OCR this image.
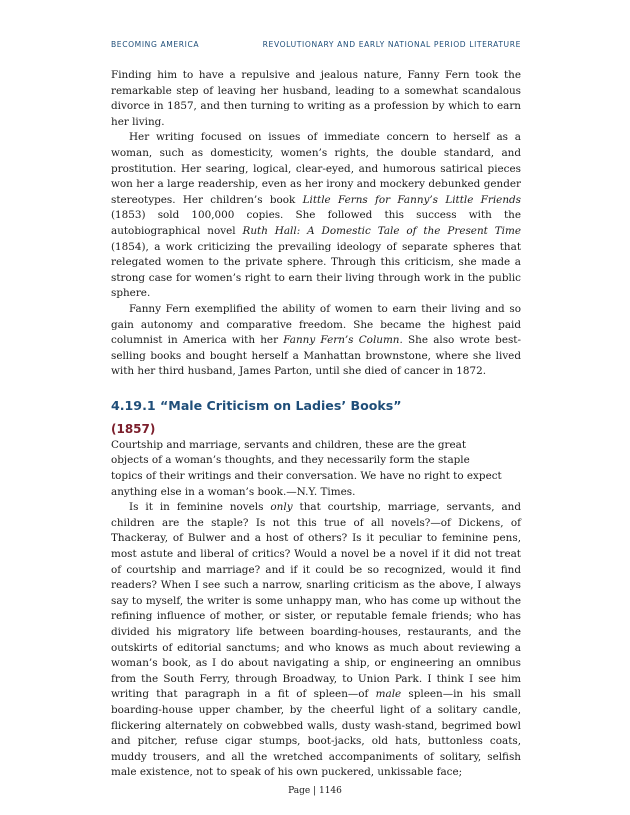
BECOMING AMERICA	REVOLUTIONARY AND EARLY NATIONAL PERIOD LITERATURE

Finding him to have a repulsive and jealous nature, Fanny Fern took the remarkable step of leaving her husband, leading to a somewhat scandalous divorce in 1857, and then turning to writing as a profession by which to earn her living.

Her writing focused on issues of immediate concern to herself as a woman, such as domesticity, women’s rights, the double standard, and prostitution. Her searing, logical, clear-eyed, and humorous satirical pieces won her a large readership, even as her irony and mockery debunked gender stereotypes. Her children’s book Little Ferns for Fanny’s Little Friends (1853) sold 100,000 copies. She followed this success with the autobiographical novel Ruth Hall: A Domestic Tale of the Present Time (1854), a work criticizing the prevailing ideology of separate spheres that relegated women to the private sphere. Through this criticism, she made a strong case for women’s right to earn their living through work in the public sphere.

Fanny Fern exemplified the ability of women to earn their living and so gain autonomy and comparative freedom. She became the highest paid columnist in America with her Fanny Fern’s Column. She also wrote best-selling books and bought herself a Manhattan brownstone, where she lived with her third husband, James Parton, until she died of cancer in 1872.

4.19.1 “Male Criticism on Ladies’ Books”
(1857)

Courtship and marriage, servants and children, these are the great objects of a woman’s thoughts, and they necessarily form the staple topics of their writings and their conversation. We have no right to expect anything else in a woman’s book.—N.Y. Times.

Is it in feminine novels only that courtship, marriage, servants, and children are the staple? Is not this true of all novels?—of Dickens, of Thackeray, of Bulwer and a host of others? Is it peculiar to feminine pens, most astute and liberal of critics? Would a novel be a novel if it did not treat of courtship and marriage? and if it could be so recognized, would it find readers? When I see such a narrow, snarling criticism as the above, I always say to myself, the writer is some unhappy man, who has come up without the refining influence of mother, or sister, or reputable female friends; who has divided his migratory life between boarding-houses, restaurants, and the outskirts of editorial sanctums; and who knows as much about reviewing a woman’s book, as I do about navigating a ship, or engineering an omnibus from the South Ferry, through Broadway, to Union Park. I think I see him writing that paragraph in a fit of spleen—of male spleen—in his small boarding-house upper chamber, by the cheerful light of a solitary candle, flickering alternately on cobwebbed walls, dusty wash-stand, begrimed bowl and pitcher, refuse cigar stumps, boot-jacks, old hats, buttonless coats, muddy trousers, and all the wretched accompaniments of solitary, selfish male existence, not to speak of his own puckered, unkissable face;

Page | 1146
